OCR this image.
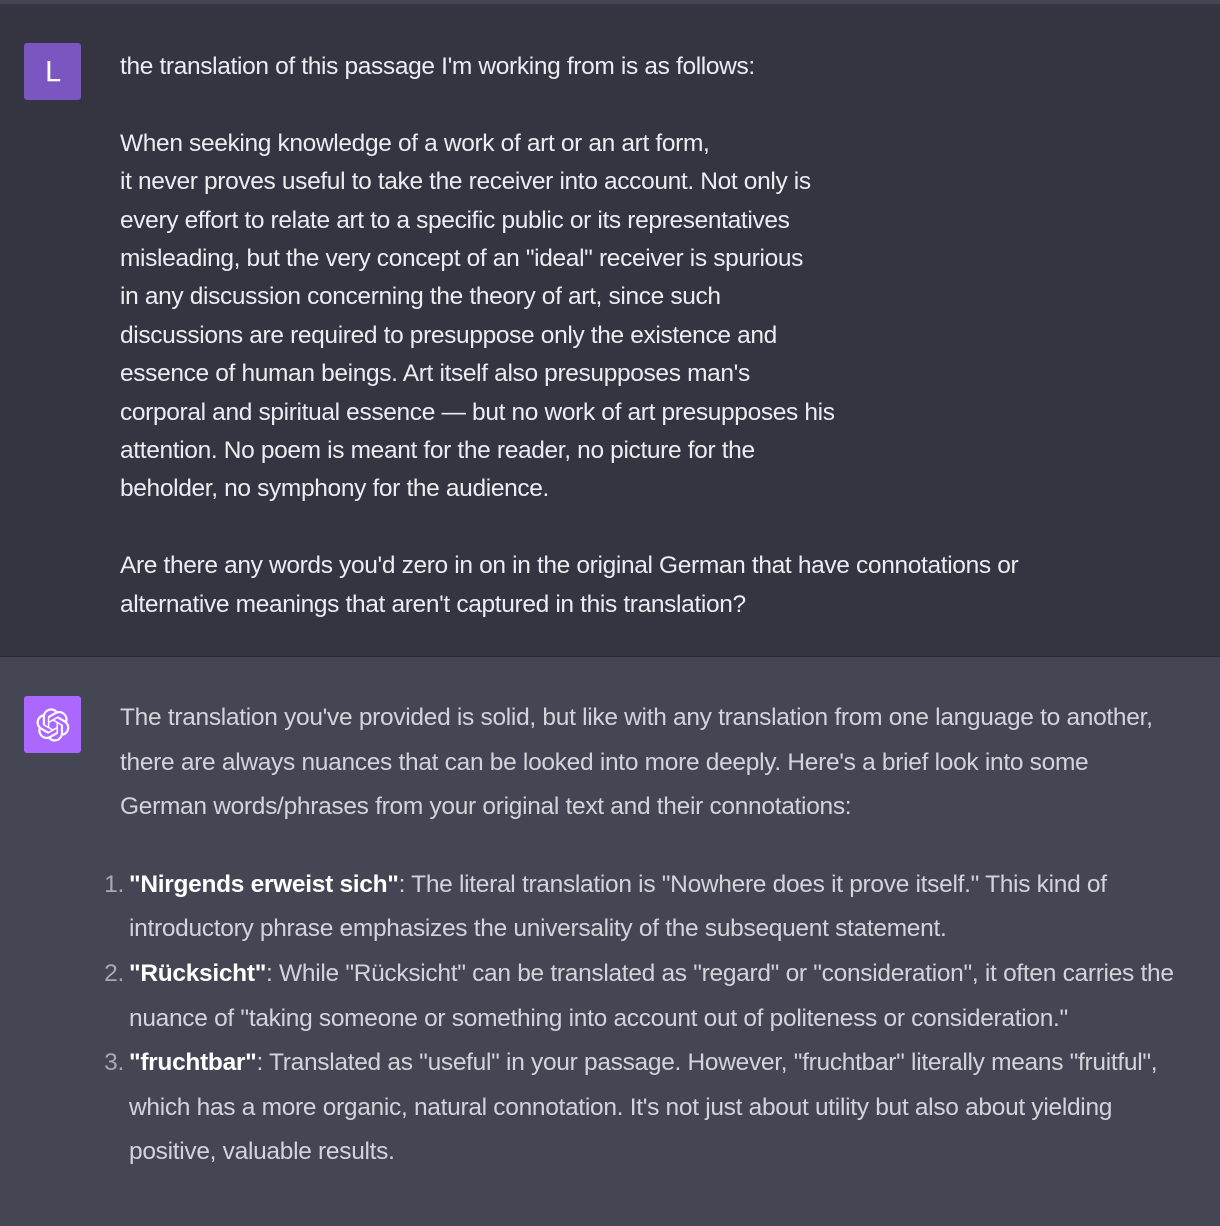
L the translation of this passage I'm working from is as follows:

When seeking knowledge of a work of art or an art form,

it never proves useful to take the receiver into account. Not only is

every effort to relate art to a specific public or its representatives

misleading, but the very concept of an "ideal" receiver is spurious

in any discussion concerning the theory of art, since such

discussions are required to presuppose only the existence and

essence of human beings. Art itself also presupposes man's

corporal and spiritual essence — but no work of art presupposes his

attention. No poem is meant for the reader, no picture for the

beholder, no symphony for the audience.

Are there any words you'd zero in on in the original German that have connotations or

alternative meanings that aren't captured in this translation?

The translation you've provided is solid, but like with any translation from one language to another, there are always nuances that can be looked into more deeply. Here's a brief look into some German words/phrases from your original text and their connotations:

1. "Nirgends erweist sich": The literal translation is "Nowhere does it prove itself." This kind of introductory phrase emphasizes the universality of the subsequent statement.
2. "Rücksicht": While "Rücksicht" can be translated as "regard" or "consideration", it often carries the nuance of "taking someone or something into account out of politeness or consideration."
3. "fruchtbar": Translated as "useful" in your passage. However, "fruchtbar" literally means "fruitful", which has a more organic, natural connotation. It's not just about utility but also about yielding positive, valuable results.
